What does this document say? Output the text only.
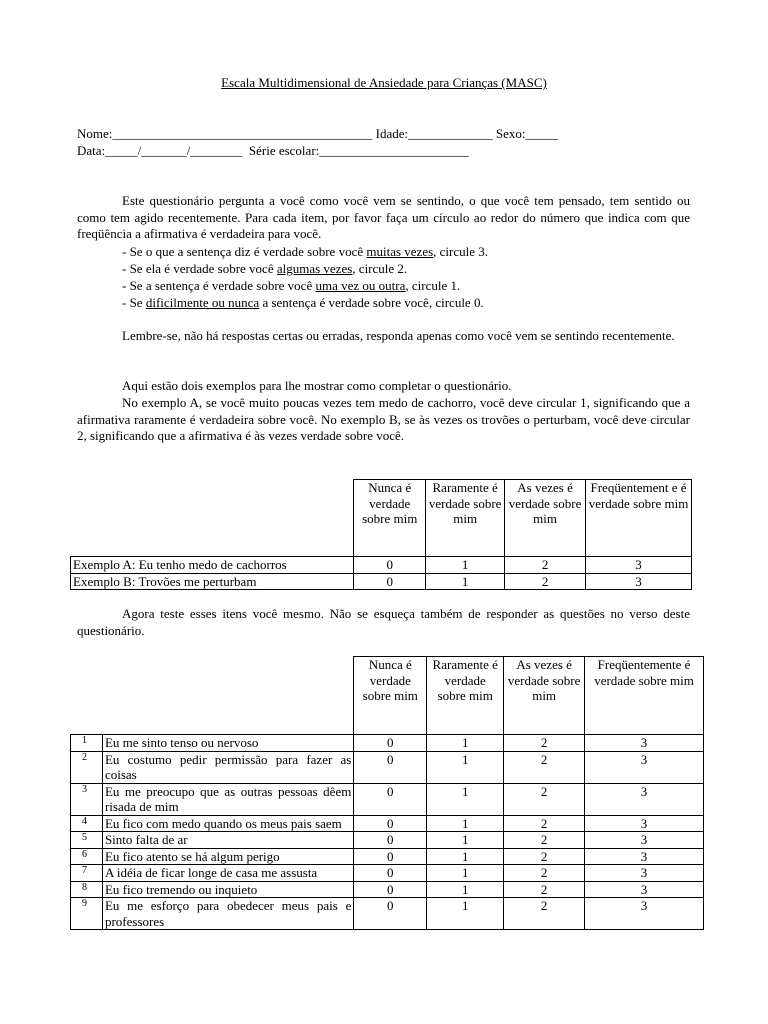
Escala Multidimensional de Ansiedade para Crianças (MASC)
Nome:________________________________________ Idade:_____________ Sexo:_____
Data:_____/_______/________  Série escolar:_______________________
Este questionário pergunta a você como você vem se sentindo, o que você tem pensado, tem sentido ou como tem agido recentemente. Para cada item, por favor faça um círculo ao redor do número que indica com que freqüência a afirmativa é verdadeira para você.
- Se o que a sentença diz é verdade sobre você muitas vezes, circule 3.
- Se ela é verdade sobre você algumas vezes, circule 2.
- Se a sentença é verdade sobre você uma vez ou outra, circule 1.
- Se dificilmente ou nunca a sentença é verdade sobre você, circule 0.
Lembre-se, não há respostas certas ou erradas, responda apenas como você vem se sentindo recentemente.
Aqui estão dois exemplos para lhe mostrar como completar o questionário.
No exemplo A, se você muito poucas vezes tem medo de cachorro, você deve circular 1, significando que a afirmativa raramente é verdadeira sobre você. No exemplo B, se às vezes os trovões o perturbam, você deve circular 2, significando que a afirmativa é às vezes verdade sobre você.
	Nunca é verdade sobre mim	Raramente é verdade sobre mim	As vezes é verdade sobre mim	Freqüentement e é verdade sobre mim
Exemplo A: Eu tenho medo de cachorros	0	1	2	3
Exemplo B: Trovões me perturbam	0	1	2	3
Agora teste esses itens você mesmo. Não se esqueça também de responder as questões no verso deste questionário.
		Nunca é verdade sobre mim	Raramente é verdade sobre mim	As vezes é verdade sobre mim	Freqüentemente é verdade sobre mim
1	Eu me sinto tenso ou nervoso	0	1	2	3
2	Eu costumo pedir permissão para fazer as coisas	0	1	2	3
3	Eu me preocupo que as outras pessoas dêem risada de mim	0	1	2	3
4	Eu fico com medo quando os meus pais saem	0	1	2	3
5	Sinto falta de ar	0	1	2	3
6	Eu fico atento se há algum perigo	0	1	2	3
7	A idéia de ficar longe de casa me assusta	0	1	2	3
8	Eu fico tremendo ou inquieto	0	1	2	3
9	Eu me esforço para obedecer meus pais e professores	0	1	2	3
